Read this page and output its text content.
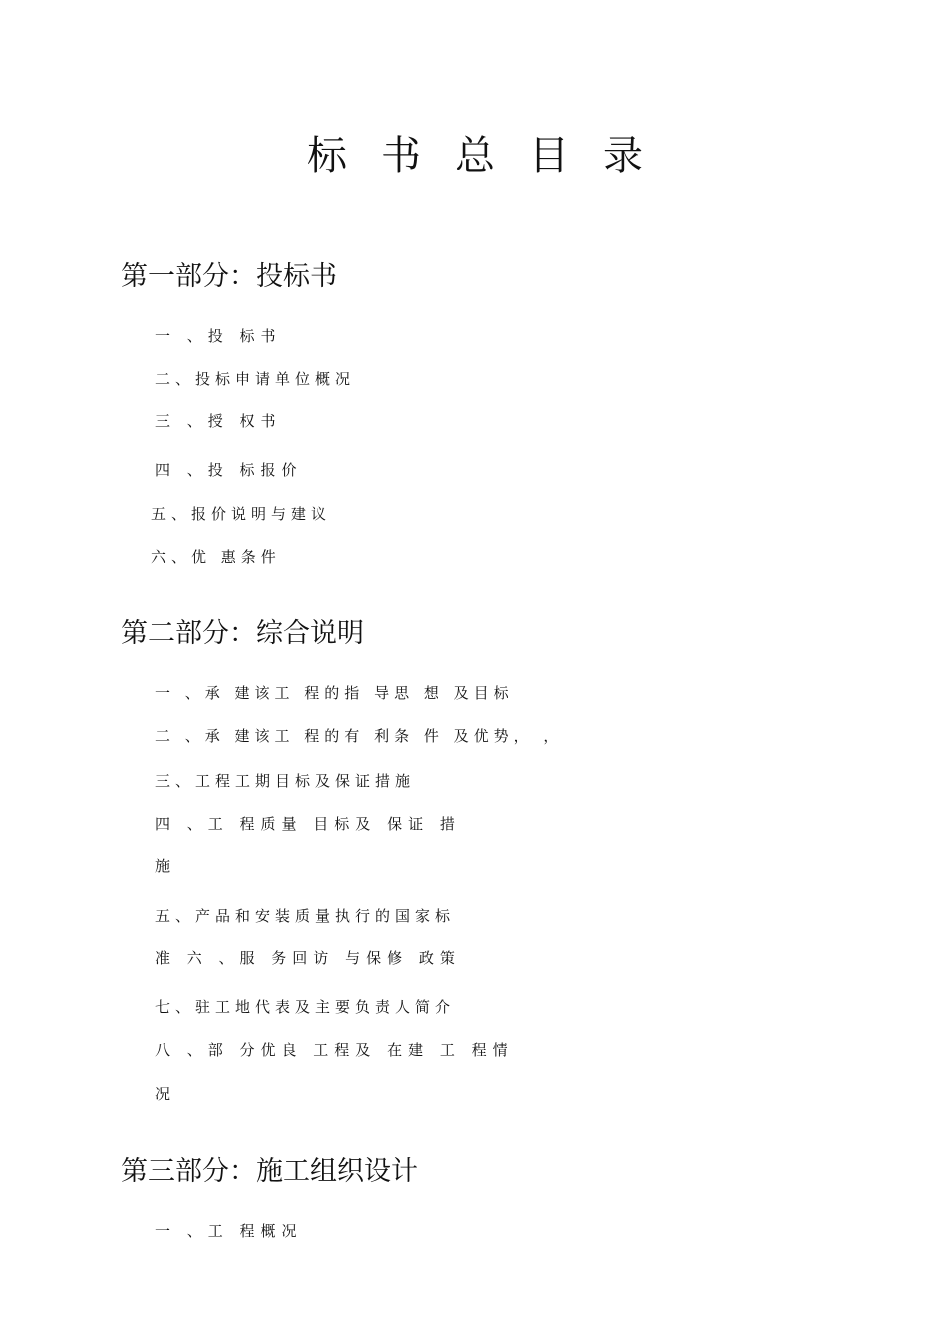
标书总目录
第一部分：投标书
一 、投 标书
二、投标申请单位概况
三 、授 权书
四 、投 标报价
五、报价说明与建议
六、优 惠条件
第二部分：综合说明
一 、承 建该工 程的指 导思 想 及目标
二 、承 建该工 程的有 利条 件 及优势， ，
三、工程工期目标及保证措施
四 、工 程质量 目标及 保证 措
施
五、产品和安装质量执行的国家标
准 六 、服 务回访 与保修 政策
七、驻工地代表及主要负责人简介
八 、部 分优良 工程及 在建 工 程情
况
第三部分：施工组织设计
一 、工 程概况
